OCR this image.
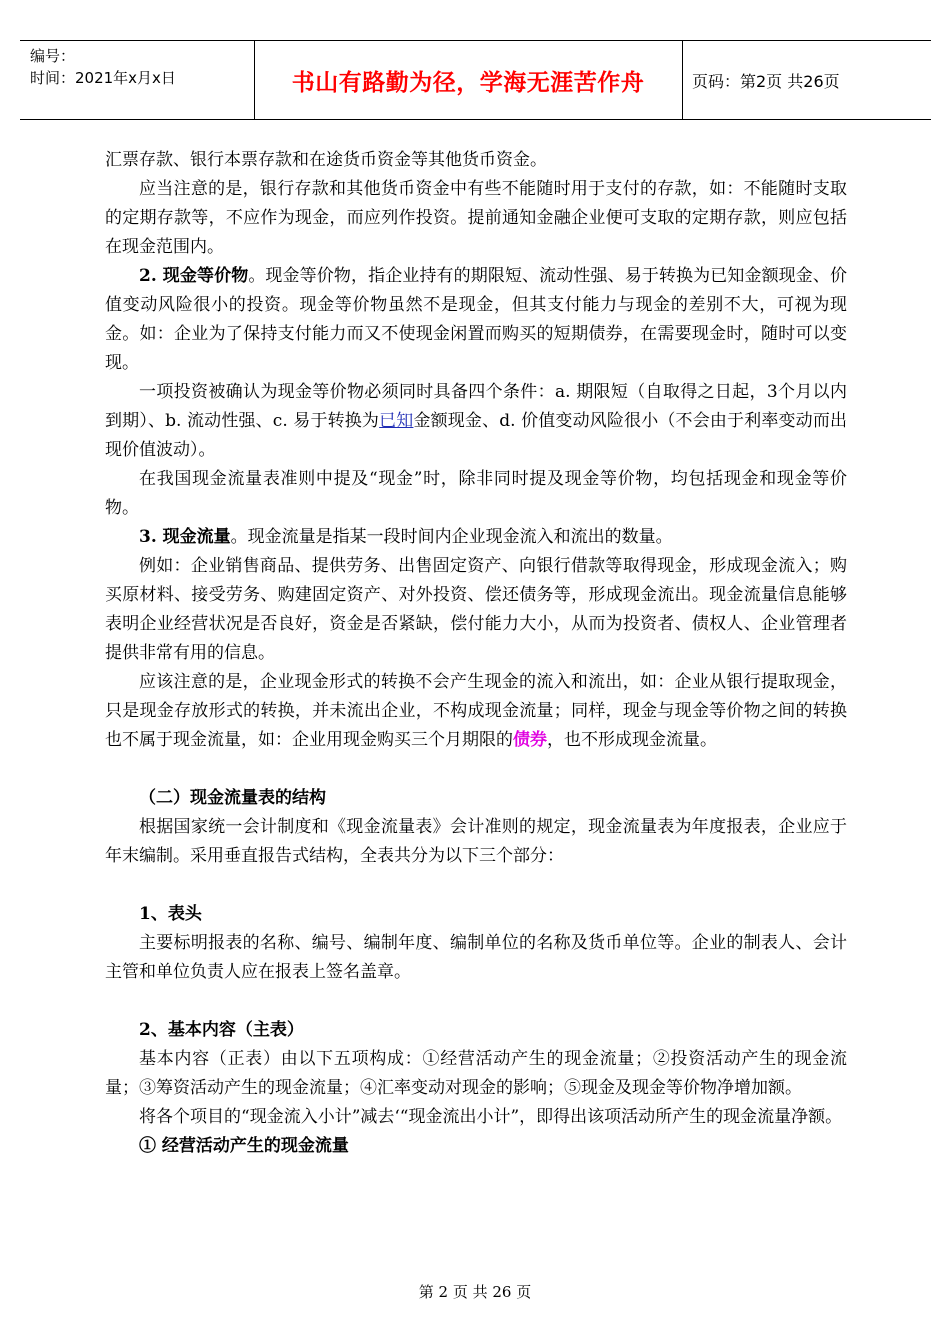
编号：
时间：2021年x月x日	书山有路勤为径，学海无涯苦作舟	页码：第2页 共26页

汇票存款、银行本票存款和在途货币资金等其他货币资金。

应当注意的是，银行存款和其他货币资金中有些不能随时用于支付的存款，如：不能随时支取的定期存款等，不应作为现金，而应列作投资。提前通知金融企业便可支取的定期存款，则应包括在现金范围内。

2. 现金等价物。现金等价物，指企业持有的期限短、流动性强、易于转换为已知金额现金、价值变动风险很小的投资。现金等价物虽然不是现金，但其支付能力与现金的差别不大，可视为现金。如：企业为了保持支付能力而又不使现金闲置而购买的短期债券，在需要现金时，随时可以变现。

一项投资被确认为现金等价物必须同时具备四个条件：a. 期限短（自取得之日起，3个月以内到期）、b. 流动性强、c. 易于转换为已知金额现金、d. 价值变动风险很小（不会由于利率变动而出现价值波动）。

在我国现金流量表准则中提及“现金”时，除非同时提及现金等价物，均包括现金和现金等价物。

3. 现金流量。现金流量是指某一段时间内企业现金流入和流出的数量。

例如：企业销售商品、提供劳务、出售固定资产、向银行借款等取得现金，形成现金流入；购买原材料、接受劳务、购建固定资产、对外投资、偿还债务等，形成现金流出。现金流量信息能够表明企业经营状况是否良好，资金是否紧缺，偿付能力大小，从而为投资者、债权人、企业管理者提供非常有用的信息。

应该注意的是，企业现金形式的转换不会产生现金的流入和流出，如：企业从银行提取现金，只是现金存放形式的转换，并未流出企业，不构成现金流量；同样，现金与现金等价物之间的转换也不属于现金流量，如：企业用现金购买三个月期限的债券，也不形成现金流量。

（二）现金流量表的结构

根据国家统一会计制度和《现金流量表》会计准则的规定，现金流量表为年度报表，企业应于年末编制。采用垂直报告式结构，全表共分为以下三个部分：

1、表头

主要标明报表的名称、编号、编制年度、编制单位的名称及货币单位等。企业的制表人、会计主管和单位负责人应在报表上签名盖章。

2、基本内容（主表）

基本内容（正表）由以下五项构成：①经营活动产生的现金流量；②投资活动产生的现金流量；③筹资活动产生的现金流量；④汇率变动对现金的影响；⑤现金及现金等价物净增加额。

将各个项目的“现金流入小计”减去‘“现金流出小计”，即得出该项活动所产生的现金流量净额。

① 经营活动产生的现金流量
第 2 页 共 26 页
